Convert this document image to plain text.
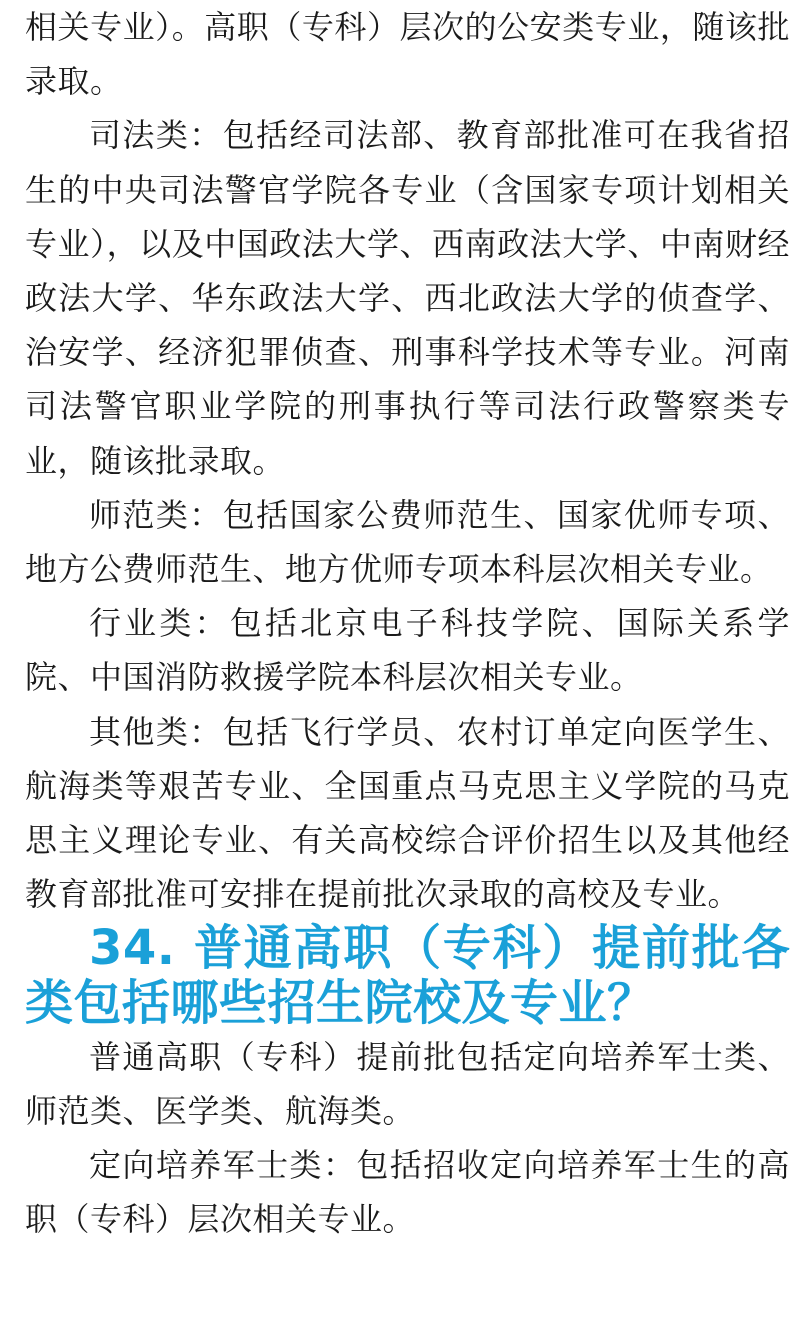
相关专业）。高职（专科）层次的公安类专业，随该批录取。

司法类：包括经司法部、教育部批准可在我省招生的中央司法警官学院各专业（含国家专项计划相关专业），以及中国政法大学、西南政法大学、中南财经政法大学、华东政法大学、西北政法大学的侦查学、治安学、经济犯罪侦查、刑事科学技术等专业。河南司法警官职业学院的刑事执行等司法行政警察类专业，随该批录取。

师范类：包括国家公费师范生、国家优师专项、地方公费师范生、地方优师专项本科层次相关专业。

行业类：包括北京电子科技学院、国际关系学院、中国消防救援学院本科层次相关专业。

其他类：包括飞行学员、农村订单定向医学生、航海类等艰苦专业、全国重点马克思主义学院的马克思主义理论专业、有关高校综合评价招生以及其他经教育部批准可安排在提前批次录取的高校及专业。

34. 普通高职（专科）提前批各类包括哪些招生院校及专业？

普通高职（专科）提前批包括定向培养军士类、师范类、医学类、航海类。

定向培养军士类：包括招收定向培养军士生的高职（专科）层次相关专业。
